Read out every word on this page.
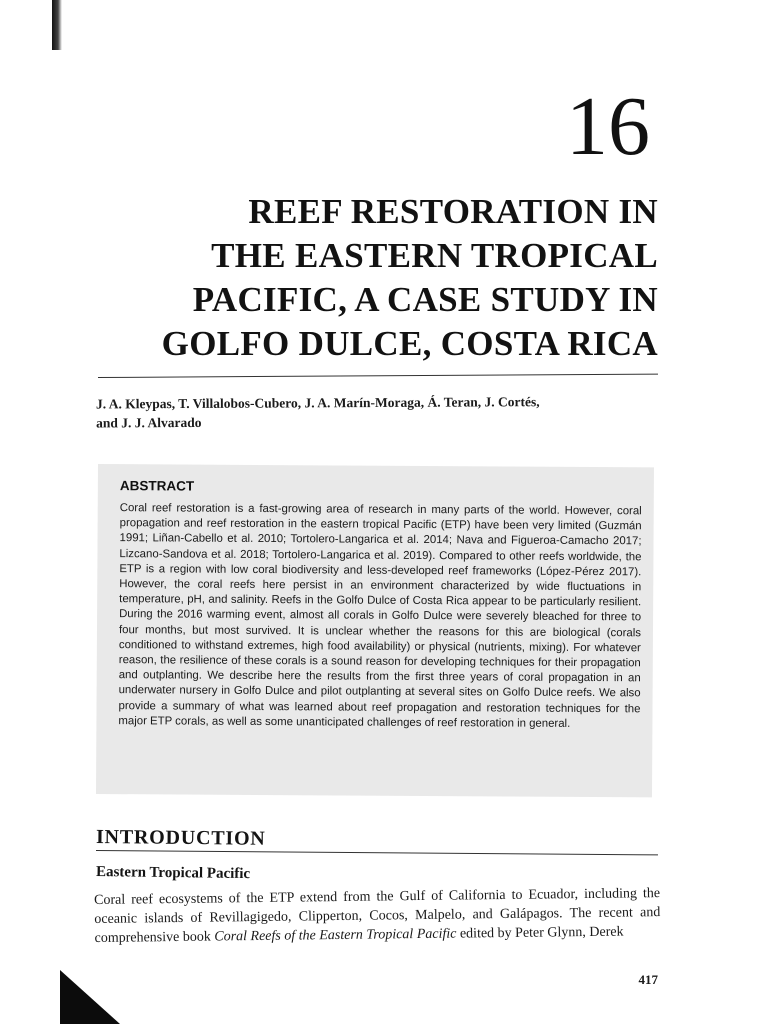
16
REEF RESTORATION IN
THE EASTERN TROPICAL
PACIFIC, A CASE STUDY IN
GOLFO DULCE, COSTA RICA

J. A. Kleypas, T. Villalobos-Cubero, J. A. Marín-Moraga, Á. Teran, J. Cortés,
and J. J. Alvarado

ABSTRACT

Coral reef restoration is a fast-growing area of research in many parts of the world. However, coral propagation and reef restoration in the eastern tropical Pacific (ETP) have been very limited (Guzmán 1991; Liñan-Cabello et al. 2010; Tortolero-Langarica et al. 2014; Nava and Figueroa-Camacho 2017; Lizcano-Sandova et al. 2018; Tortolero-Langarica et al. 2019). Compared to other reefs worldwide, the ETP is a region with low coral biodiversity and less-developed reef frameworks (López-Pérez 2017). However, the coral reefs here persist in an environment characterized by wide fluctuations in temperature, pH, and salinity. Reefs in the Golfo Dulce of Costa Rica appear to be particularly resilient. During the 2016 warming event, almost all corals in Golfo Dulce were severely bleached for three to four months, but most survived. It is unclear whether the reasons for this are biological (corals conditioned to withstand extremes, high food availability) or physical (nutrients, mixing). For whatever reason, the resilience of these corals is a sound reason for developing techniques for their propagation and outplanting. We describe here the results from the first three years of coral propagation in an underwater nursery in Golfo Dulce and pilot outplanting at several sites on Golfo Dulce reefs. We also provide a summary of what was learned about reef propagation and restoration techniques for the major ETP corals, as well as some unanticipated challenges of reef restoration in general.

INTRODUCTION
Eastern Tropical Pacific

Coral reef ecosystems of the ETP extend from the Gulf of California to Ecuador, including the oceanic islands of Revillagigedo, Clipperton, Cocos, Malpelo, and Galápagos. The recent and comprehensive book Coral Reefs of the Eastern Tropical Pacific edited by Peter Glynn, Derek

417
